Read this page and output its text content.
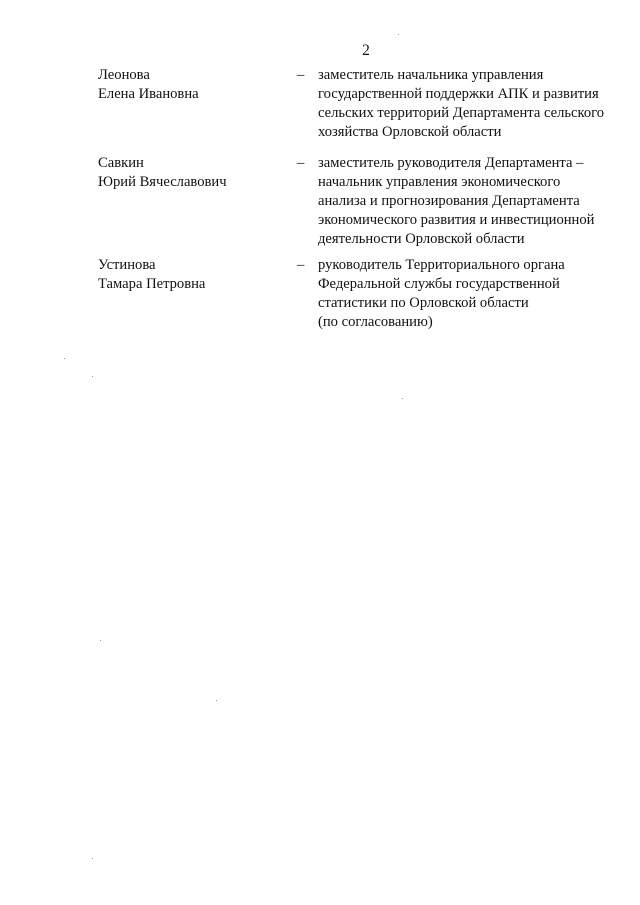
2
Леонова
Елена Ивановна
– заместитель начальника управления
государственной поддержки АПК и развития
сельских территорий Департамента сельского
хозяйства Орловской области
Савкин
Юрий Вячеславович
– заместитель руководителя Департамента –
начальник управления экономического
анализа и прогнозирования Департамента
экономического развития и инвестиционной
деятельности Орловской области
Устинова
Тамара Петровна
– руководитель Территориального органа
Федеральной службы государственной
статистики по Орловской области
(по согласованию)
